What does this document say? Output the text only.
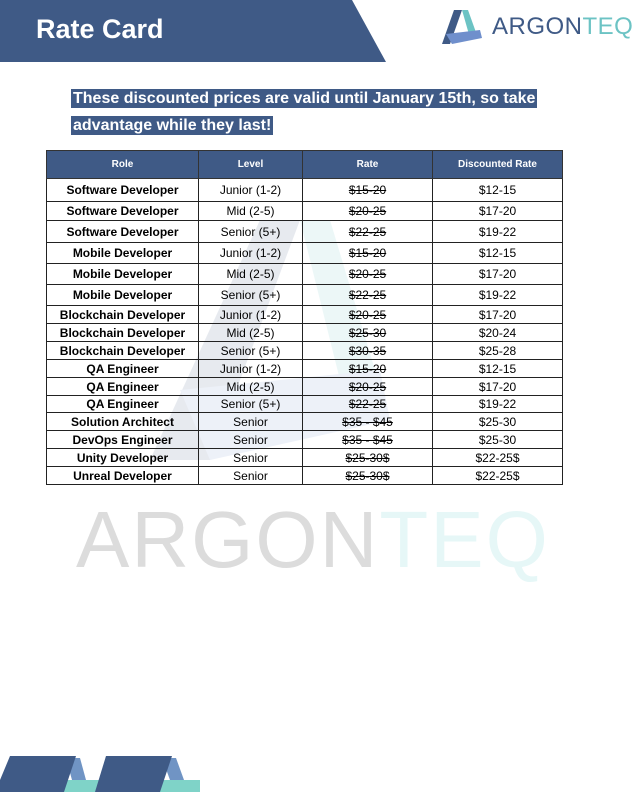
Rate Card	ARGONTEQ
These discounted prices are valid until January 15th, so take advantage while they last!
ARGONTEQ
Role	Level	Rate	Discounted Rate
Software Developer	Junior (1-2)	$15-20	$12-15
Software Developer	Mid (2-5)	$20-25	$17-20
Software Developer	Senior (5+)	$22-25	$19-22
Mobile Developer	Junior (1-2)	$15-20	$12-15
Mobile Developer	Mid (2-5)	$20-25	$17-20
Mobile Developer	Senior (5+)	$22-25	$19-22
Blockchain Developer	Junior (1-2)	$20-25	$17-20
Blockchain Developer	Mid (2-5)	$25-30	$20-24
Blockchain Developer	Senior (5+)	$30-35	$25-28
QA Engineer	Junior (1-2)	$15-20	$12-15
QA Engineer	Mid (2-5)	$20-25	$17-20
QA Engineer	Senior (5+)	$22-25	$19-22
Solution Architect	Senior	$35 - $45	$25-30
DevOps Engineer	Senior	$35 - $45	$25-30
Unity Developer	Senior	$25-30$	$22-25$
Unreal Developer	Senior	$25-30$	$22-25$
